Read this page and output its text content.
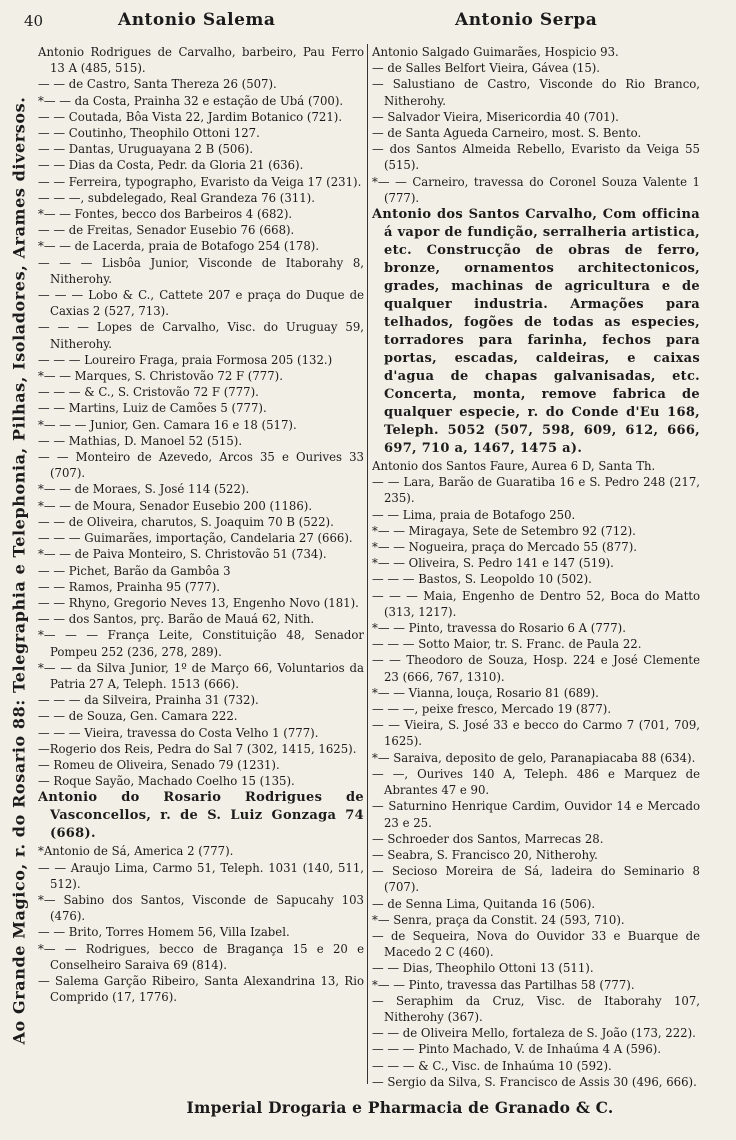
40	Antonio Salema	Antonio Serpa
Ao Grande Magico, r. do Rosario 88: Telegraphia e Telephonia, Pilhas, Isoladores, Arames diversos.

Antonio Rodrigues de Carvalho, barbeiro, Pau Ferro 13 A (485, 515).

— — de Castro, Santa Thereza 26 (507).

*— — da Costa, Prainha 32 e estação de Ubá (700).

— — Coutada, Bôa Vista 22, Jardim Botanico (721).

— — Coutinho, Theophilo Ottoni 127.

— — Dantas, Uruguayana 2 B (506).

— — Dias da Costa, Pedr. da Gloria 21 (636).

— — Ferreira, typographo, Evaristo da Veiga 17 (231).

— — —, subdelegado, Real Grandeza 76 (311).

*— — Fontes, becco dos Barbeiros 4 (682).

— — de Freitas, Senador Eusebio 76 (668).

*— — de Lacerda, praia de Botafogo 254 (178).

— — — Lisbôa Junior, Visconde de Itaborahy 8, Nitherohy.

— — — Lobo & C., Cattete 207 e praça do Duque de Caxias 2 (527, 713).

— — — Lopes de Carvalho, Visc. do Uruguay 59, Nitherohy.

— — — Loureiro Fraga, praia Formosa 205 (132.)

*— — Marques, S. Christovão 72 F (777).

— — — & C., S. Cristovão 72 F (777).

— — Martins, Luiz de Camões 5 (777).

*— — — Junior, Gen. Camara 16 e 18 (517).

— — Mathias, D. Manoel 52 (515).

— — Monteiro de Azevedo, Arcos 35 e Ourives 33 (707).

*— — de Moraes, S. José 114 (522).

*— — de Moura, Senador Eusebio 200 (1186).

— — de Oliveira, charutos, S. Joaquim 70 B (522).

— — — Guimarães, importação, Candelaria 27 (666).

*— — de Paiva Monteiro, S. Christovão 51 (734).

— — Pichet, Barão da Gambôa 3

— — Ramos, Prainha 95 (777).

— — Rhyno, Gregorio Neves 13, Engenho Novo (181).

— — dos Santos, prç. Barão de Mauá 62, Nith.

*— — — França Leite, Constituição 48, Senador Pompeu 252 (236, 278, 289).

*— — da Silva Junior, 1º de Março 66, Voluntarios da Patria 27 A, Teleph. 1513 (666).

— — — da Silveira, Prainha 31 (732).

— — de Souza, Gen. Camara 222.

— — — Vieira, travessa do Costa Velho 1 (777).

—Rogerio dos Reis, Pedra do Sal 7 (302, 1415, 1625).

— Romeu de Oliveira, Senado 79 (1231).

— Roque Sayão, Machado Coelho 15 (135).

Antonio do Rosario Rodrigues de Vasconcellos, r. de S. Luiz Gonzaga 74 (668).

*Antonio de Sá, America 2 (777).

— — Araujo Lima, Carmo 51, Teleph. 1031 (140, 511, 512).

*— Sabino dos Santos, Visconde de Sapucahy 103 (476).

— — Brito, Torres Homem 56, Villa Izabel.

*— — Rodrigues, becco de Bragança 15 e 20 e Conselheiro Saraiva 69 (814).

— Salema Garção Ribeiro, Santa Alexandrina 13, Rio Comprido (17, 1776).

Antonio Salgado Guimarães, Hospicio 93.

— de Salles Belfort Vieira, Gávea (15).

— Salustiano de Castro, Visconde do Rio Branco, Nitherohy.

— Salvador Vieira, Misericordia 40 (701).

— de Santa Agueda Carneiro, most. S. Bento.

— dos Santos Almeida Rebello, Evaristo da Veiga 55 (515).

*— — Carneiro, travessa do Coronel Souza Valente 1 (777).

Antonio dos Santos Carvalho, Com officina á vapor de fundição, serralheria artistica, etc. Construcção de obras de ferro, bronze, ornamentos architectonicos, grades, machinas de agricultura e de qualquer industria. Armações para telhados, fogões de todas as especies, torradores para farinha, fechos para portas, escadas, caldeiras, e caixas d'agua de chapas galvanisadas, etc. Concerta, monta, remove fabrica de qualquer especie, r. do Conde d'Eu 168, Teleph. 5052 (507, 598, 609, 612, 666, 697, 710 a, 1467, 1475 a).

Antonio dos Santos Faure, Aurea 6 D, Santa Th.

— — Lara, Barão de Guaratiba 16 e S. Pedro 248 (217, 235).

— — Lima, praia de Botafogo 250.

*— — Miragaya, Sete de Setembro 92 (712).

*— — Nogueira, praça do Mercado 55 (877).

*— — Oliveira, S. Pedro 141 e 147 (519).

— — — Bastos, S. Leopoldo 10 (502).

— — — Maia, Engenho de Dentro 52, Boca do Matto (313, 1217).

*— — Pinto, travessa do Rosario 6 A (777).

— — — Sotto Maior, tr. S. Franc. de Paula 22.

— — Theodoro de Souza, Hosp. 224 e José Clemente 23 (666, 767, 1310).

*— — Vianna, louça, Rosario 81 (689).

— — —, peixe fresco, Mercado 19 (877).

— — Vieira, S. José 33 e becco do Carmo 7 (701, 709, 1625).

*— Saraiva, deposito de gelo, Paranapiacaba 88 (634).

— —, Ourives 140 A, Teleph. 486 e Marquez de Abrantes 47 e 90.

— Saturnino Henrique Cardim, Ouvidor 14 e Mercado 23 e 25.

— Schroeder dos Santos, Marrecas 28.

— Seabra, S. Francisco 20, Nitherohy.

— Secioso Moreira de Sá, ladeira do Seminario 8 (707).

— de Senna Lima, Quitanda 16 (506).

*— Senra, praça da Constit. 24 (593, 710).

— de Sequeira, Nova do Ouvidor 33 e Buarque de Macedo 2 C (460).

— — Dias, Theophilo Ottoni 13 (511).

*— — Pinto, travessa das Partilhas 58 (777).

— Seraphim da Cruz, Visc. de Itaborahy 107, Nitherohy (367).

— — de Oliveira Mello, fortaleza de S. João (173, 222).

— — — Pinto Machado, V. de Inhaúma 4 A (596).

— — — & C., Visc. de Inhaúma 10 (592).

— Sergio da Silva, S. Francisco de Assis 30 (496, 666).

Imperial Drogaria e Pharmacia de Granado & C.
